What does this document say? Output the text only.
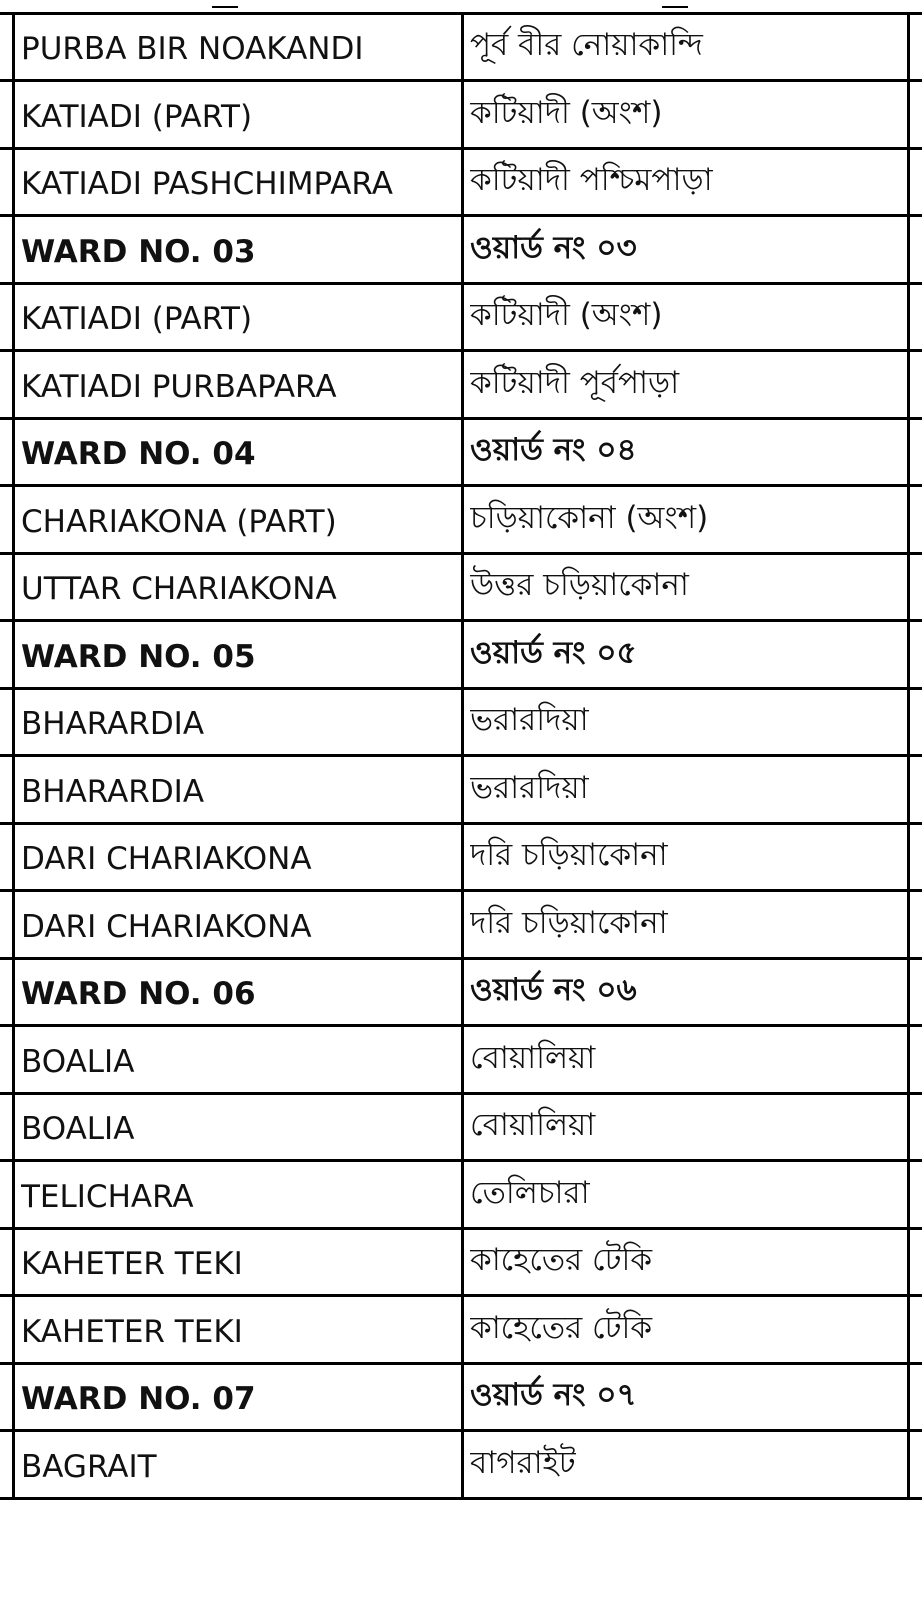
PURBA BIR NOAKANDI	পূর্ব বীর নোয়াকান্দি
KATIADI (PART)	কটিয়াদী (অংশ)
KATIADI PASHCHIMPARA	কটিয়াদী পশ্চিমপাড়া
WARD NO. 03	ওয়ার্ড নং ০৩
KATIADI (PART)	কটিয়াদী (অংশ)
KATIADI PURBAPARA	কটিয়াদী পূর্বপাড়া
WARD NO. 04	ওয়ার্ড নং ০৪
CHARIAKONA (PART)	চড়িয়াকোনা (অংশ)
UTTAR CHARIAKONA	উত্তর চড়িয়াকোনা
WARD NO. 05	ওয়ার্ড নং ০৫
BHARARDIA	ভরারদিয়া
BHARARDIA	ভরারদিয়া
DARI CHARIAKONA	দরি চড়িয়াকোনা
DARI CHARIAKONA	দরি চড়িয়াকোনা
WARD NO. 06	ওয়ার্ড নং ০৬
BOALIA	বোয়ালিয়া
BOALIA	বোয়ালিয়া
TELICHARA	তেলিচারা
KAHETER TEKI	কাহেতের টেকি
KAHETER TEKI	কাহেতের টেকি
WARD NO. 07	ওয়ার্ড নং ০৭
BAGRAIT	বাগরাইট
